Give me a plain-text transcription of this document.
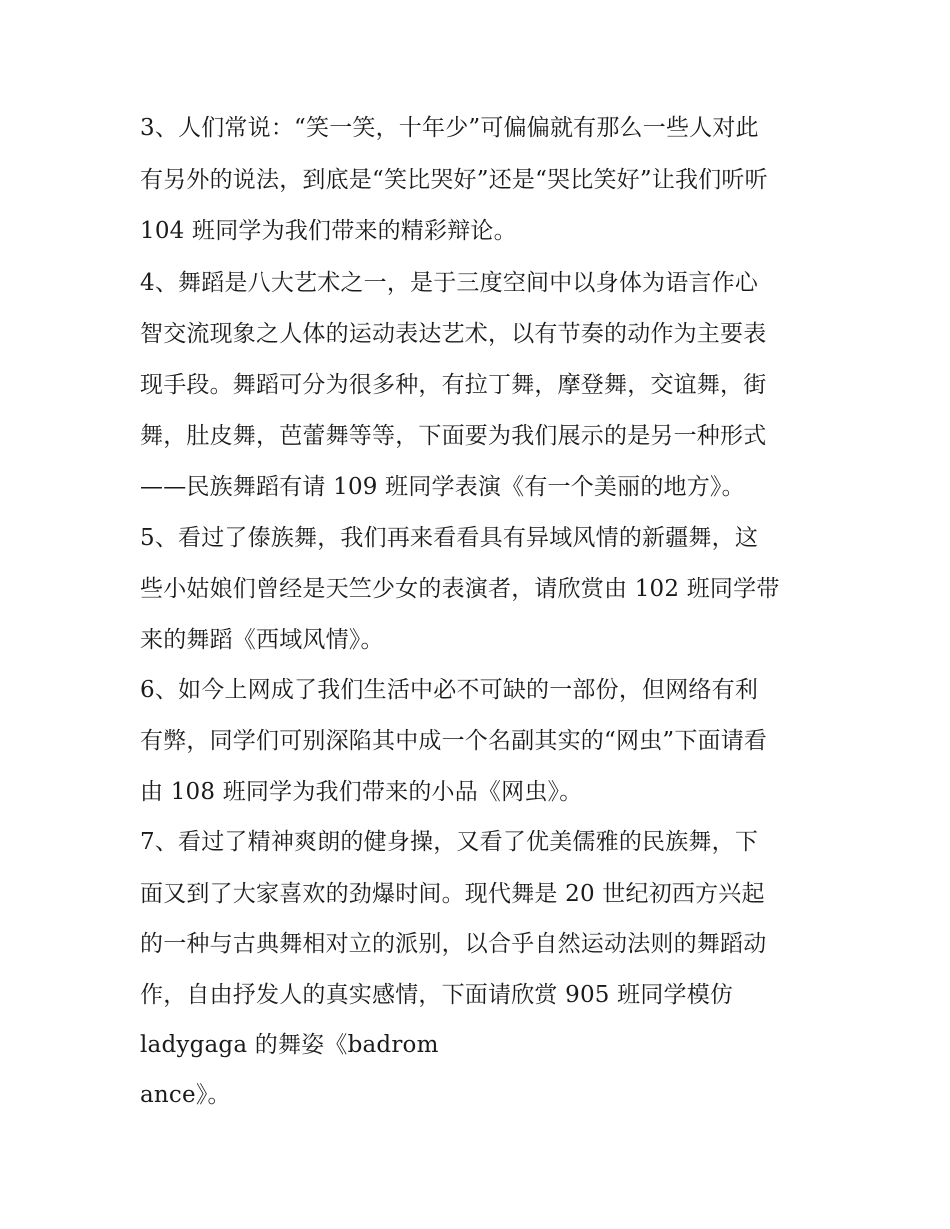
3、人们常说：“笑一笑，十年少”可偏偏就有那么一些人对此
有另外的说法，到底是“笑比哭好”还是“哭比笑好”让我们听听
104 班同学为我们带来的精彩辩论。
4、舞蹈是八大艺术之一，是于三度空间中以身体为语言作心
智交流现象之人体的运动表达艺术，以有节奏的动作为主要表
现手段。舞蹈可分为很多种，有拉丁舞，摩登舞，交谊舞，街
舞，肚皮舞，芭蕾舞等等，下面要为我们展示的是另一种形式
——民族舞蹈有请 109 班同学表演《有一个美丽的地方》。
5、看过了傣族舞，我们再来看看具有异域风情的新疆舞，这
些小姑娘们曾经是天竺少女的表演者，请欣赏由 102 班同学带
来的舞蹈《西域风情》。
6、如今上网成了我们生活中必不可缺的一部份，但网络有利
有弊，同学们可别深陷其中成一个名副其实的“网虫”下面请看
由 108 班同学为我们带来的小品《网虫》。
7、看过了精神爽朗的健身操，又看了优美儒雅的民族舞，下
面又到了大家喜欢的劲爆时间。现代舞是 20 世纪初西方兴起
的一种与古典舞相对立的派别，以合乎自然运动法则的舞蹈动
作，自由抒发人的真实感情，下面请欣赏 905 班同学模仿
ladygaga 的舞姿《badrom
ance》。
